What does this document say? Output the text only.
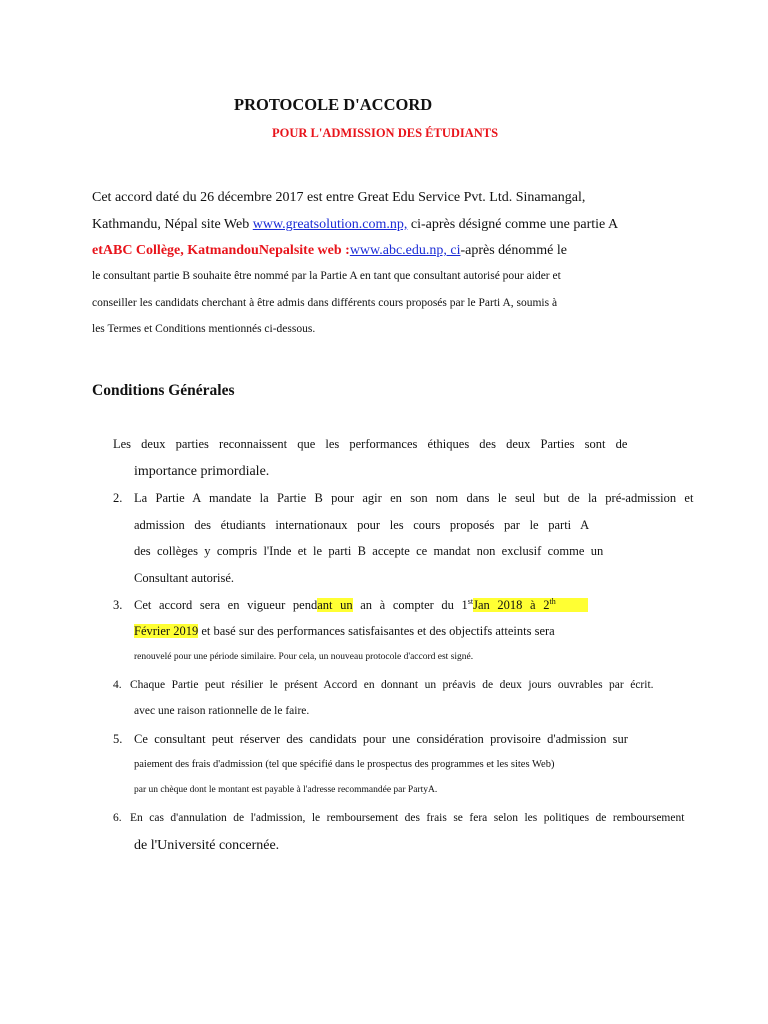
PROTOCOLE D'ACCORD
POUR L'ADMISSION DES ÉTUDIANTS
Cet accord daté du 26 décembre 2017 est entre Great Edu Service Pvt. Ltd. Sinamangal,
Kathmandu, Népal site Web www.greatsolution.com.np, ci-après désigné comme une partie A
etABC Collège, KatmandouNepalsite web :www.abc.edu.np, ci-après dénommé le
le consultant partie B souhaite être nommé par la Partie A en tant que consultant autorisé pour aider et
conseiller les candidats cherchant à être admis dans différents cours proposés par le Parti A, soumis à
les Termes et Conditions mentionnés ci-dessous.
Conditions Générales
Les deux parties reconnaissent que les performances éthiques des deux Parties sont de
importance primordiale.
2. La Partie A mandate la Partie B pour agir en son nom dans le seul but de la pré-admission et
admission des étudiants internationaux pour les cours proposés par le parti A
des collèges y compris l'Inde et le parti B accepte ce mandat non exclusif comme un
Consultant autorisé.
3. Cet accord sera en vigueur pendant un an à compter du 1stJan 2018 à 2th
Février 2019 et basé sur des performances satisfaisantes et des objectifs atteints sera
renouvelé pour une période similaire. Pour cela, un nouveau protocole d'accord est signé.
4. Chaque Partie peut résilier le présent Accord en donnant un préavis de deux jours ouvrables par écrit.
avec une raison rationnelle de le faire.
5. Ce consultant peut réserver des candidats pour une considération provisoire d'admission sur
paiement des frais d'admission (tel que spécifié dans le prospectus des programmes et les sites Web)
par un chèque dont le montant est payable à l'adresse recommandée par PartyA.
6. En cas d'annulation de l'admission, le remboursement des frais se fera selon les politiques de remboursement
de l'Université concernée.
